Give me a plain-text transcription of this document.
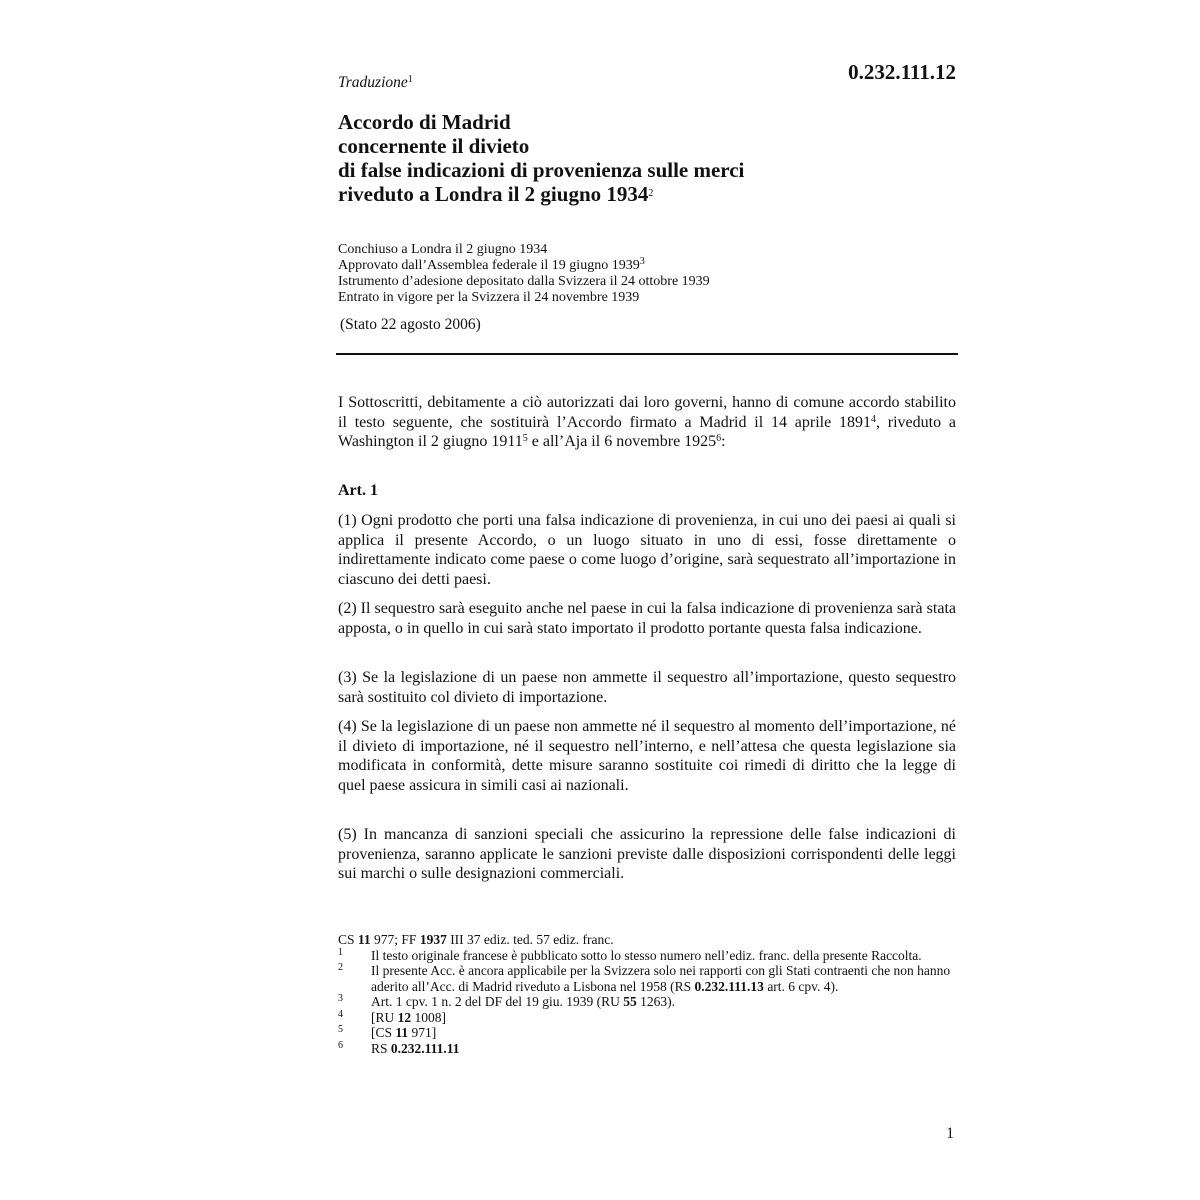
0.232.111.12
Traduzione$^1$
Accordo di Madrid
concernente il divieto
di false indicazioni di provenienza sulle merci
riveduto a Londra il 2 giugno 1934$^2$
Conchiuso a Londra il 2 giugno 1934
Approvato dall’Assemblea federale il 19 giugno 1939$^3$
Istrumento d’adesione depositato dalla Svizzera il 24 ottobre 1939
Entrato in vigore per la Svizzera il 24 novembre 1939
(Stato 22 agosto 2006)
I Sottoscritti, debitamente a ciò autorizzati dai loro governi, hanno di comune accordo stabilito il testo seguente, che sostituirà l’Accordo firmato a Madrid il 14 aprile 1891$^4$, riveduto a Washington il 2 giugno 1911$^5$ e all’Aja il 6 novembre 1925$^6$:
Art. 1
(1) Ogni prodotto che porti una falsa indicazione di provenienza, in cui uno dei paesi ai quali si applica il presente Accordo, o un luogo situato in uno di essi, fosse direttamente o indirettamente indicato come paese o come luogo d’origine, sarà sequestrato all’importazione in ciascuno dei detti paesi.
(2) Il sequestro sarà eseguito anche nel paese in cui la falsa indicazione di provenienza sarà stata apposta, o in quello in cui sarà stato importato il prodotto portante questa falsa indicazione.
(3) Se la legislazione di un paese non ammette il sequestro all’importazione, questo sequestro sarà sostituito col divieto di importazione.
(4) Se la legislazione di un paese non ammette né il sequestro al momento dell’importazione, né il divieto di importazione, né il sequestro nell’interno, e nell’attesa che questa legislazione sia modificata in conformità, dette misure saranno sostituite coi rimedi di diritto che la legge di quel paese assicura in simili casi ai nazionali.
(5) In mancanza di sanzioni speciali che assicurino la repressione delle false indicazioni di provenienza, saranno applicate le sanzioni previste dalle disposizioni corrispondenti delle leggi sui marchi o sulle designazioni commerciali.
CS 11 977; FF 1937 III 37 ediz. ted. 57 ediz. franc.
1 Il testo originale francese è pubblicato sotto lo stesso numero nell’ediz. franc. della presente Raccolta.
2 Il presente Acc. è ancora applicabile per la Svizzera solo nei rapporti con gli Stati contraenti che non hanno aderito all’Acc. di Madrid riveduto a Lisbona nel 1958 (RS 0.232.111.13 art. 6 cpv. 4).
3 Art. 1 cpv. 1 n. 2 del DF del 19 giu. 1939 (RU 55 1263).
4 [RU 12 1008]
5 [CS 11 971]
6 RS 0.232.111.11
1
